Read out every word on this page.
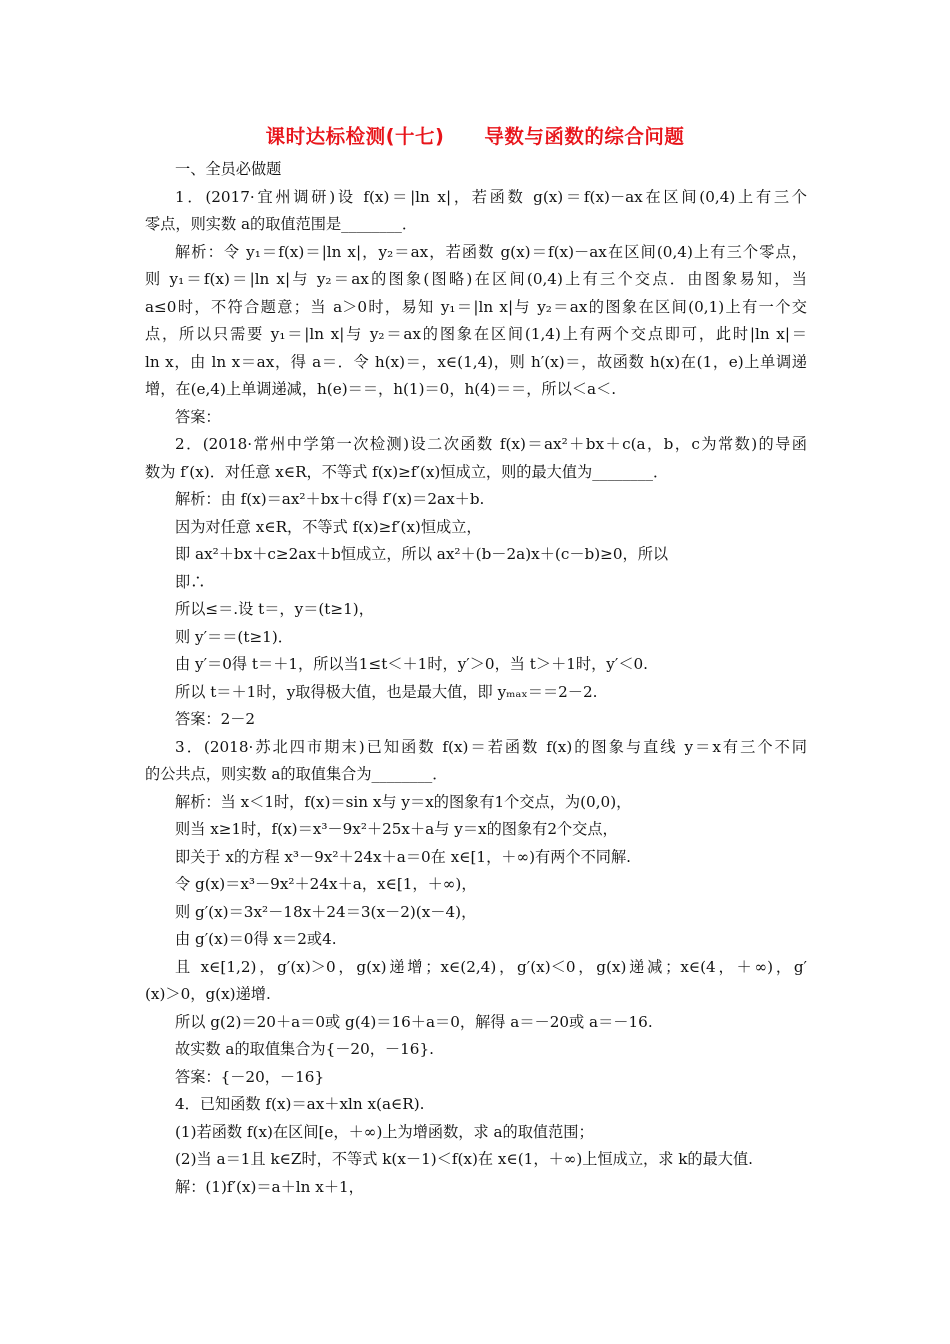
课时达标检测(十七)　　导数与函数的综合问题

一、全员必做题

1．(2017·宜州调研)设 f(x)＝|ln x|，若函数 g(x)＝f(x)－ax在区间(0,4)上有三个

零点，则实数 a的取值范围是________．

解析：令 y₁＝f(x)＝|ln x|，y₂＝ax，若函数 g(x)＝f(x)－ax在区间(0,4)上有三个零点，

则 y₁＝f(x)＝|ln x|与 y₂＝ax的图象(图略)在区间(0,4)上有三个交点．由图象易知，当

a≤0时，不符合题意；当 a＞0时，易知 y₁＝|ln x|与 y₂＝ax的图象在区间(0,1)上有一个交

点，所以只需要 y₁＝|ln x|与 y₂＝ax的图象在区间(1,4)上有两个交点即可，此时|ln x|＝

ln x，由 ln x＝ax，得 a＝．令 h(x)＝，x∈(1,4)，则 h′(x)＝，故函数 h(x)在(1，e)上单调递

增，在(e,4)上单调递减，h(e)＝＝，h(1)＝0，h(4)＝＝，所以＜a＜.

答案：

2．(2018·常州中学第一次检测)设二次函数 f(x)＝ax²＋bx＋c(a，b，c为常数)的导函

数为 f′(x)．对任意 x∈R，不等式 f(x)≥f′(x)恒成立，则的最大值为________．

解析：由 f(x)＝ax²＋bx＋c得 f′(x)＝2ax＋b.

因为对任意 x∈R，不等式 f(x)≥f′(x)恒成立，

即 ax²＋bx＋c≥2ax＋b恒成立，所以 ax²＋(b－2a)x＋(c－b)≥0，所以

即∴

所以≤＝.设 t＝，y＝(t≥1)，

则 y′＝＝(t≥1)．

由 y′＝0得 t＝＋1，所以当1≤t＜＋1时，y′＞0，当 t＞＋1时，y′＜0.

所以 t＝＋1时，y取得极大值，也是最大值，即 yₘₐₓ＝＝2－2.

答案：2－2

3．(2018·苏北四市期末)已知函数 f(x)＝若函数 f(x)的图象与直线 y＝x有三个不同

的公共点，则实数 a的取值集合为________．

解析：当 x＜1时，f(x)＝sin x与 y＝x的图象有1个交点，为(0,0)，

则当 x≥1时，f(x)＝x³－9x²＋25x＋a与 y＝x的图象有2个交点，

即关于 x的方程 x³－9x²＋24x＋a＝0在 x∈[1，＋∞)有两个不同解.

令 g(x)＝x³－9x²＋24x＋a，x∈[1，＋∞)，

则 g′(x)＝3x²－18x＋24＝3(x－2)(x－4)，

由 g′(x)＝0得 x＝2或4.

且 x∈[1,2)，g′(x)＞0，g(x)递增；x∈(2,4)，g′(x)＜0，g(x)递减；x∈(4，＋∞)，g′

(x)＞0，g(x)递增.

所以 g(2)＝20＋a＝0或 g(4)＝16＋a＝0，解得 a＝－20或 a＝－16.

故实数 a的取值集合为{－20，－16}.

答案：{－20，－16}

4．已知函数 f(x)＝ax＋xln x(a∈R).

(1)若函数 f(x)在区间[e，＋∞)上为增函数，求 a的取值范围；

(2)当 a＝1且 k∈Z时，不等式 k(x－1)＜f(x)在 x∈(1，＋∞)上恒成立，求 k的最大值.

解：(1)f′(x)＝a＋ln x＋1，
